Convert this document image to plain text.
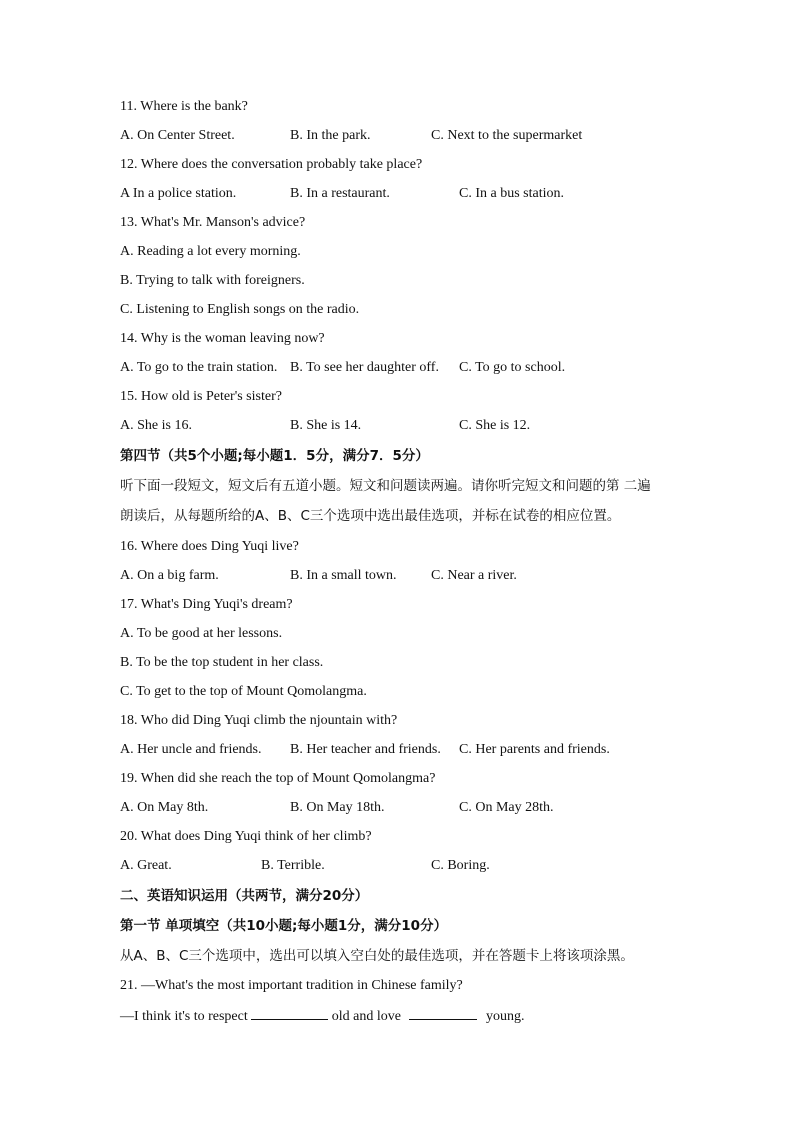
11. Where is the bank?
A. On Center Street.	B. In the park.	C. Next to the supermarket
12. Where does the conversation probably take place?
A In a police station.	B. In a restaurant.	C. In a bus station.
13. What's Mr. Manson's advice?
A. Reading a lot every morning.
B. Trying to talk with foreigners.
C. Listening to English songs on the radio.
14. Why is the woman leaving now?
A. To go to the train station. B. To see her daughter off. C. To go to school.
15. How old is Peter's sister?
A. She is 16.	B. She is 14.	C. She is 12.
第四节（共5个小题;每小题1．5分，满分7．5分）
听下面一段短文，短文后有五道小题。短文和问题读两遍。请你听完短文和问题的第 二遍
朗读后，从每题所给的A、B、C三个选项中选出最佳选项，并标在试卷的相应位置。
16. Where does Ding Yuqi live?
A. On a big farm.	B. In a small town. C. Near a river.
17. What's Ding Yuqi's dream?
A. To be good at her lessons.
B. To be the top student in her class.
C. To get to the top of Mount Qomolangma.
18. Who did Ding Yuqi climb the njountain with?
A. Her uncle and friends. B. Her teacher and friends. C. Her parents and friends.
19. When did she reach the top of Mount Qomolangma?
A. On May 8th.	B. On May 18th.	C. On May 28th.
20. What does Ding Yuqi think of her climb?
A. Great.	B. Terrible.	C. Boring.
二、英语知识运用（共两节，满分20分）
第一节 单项填空（共10小题;每小题1分，满分10分）
从A、B、C三个选项中，选出可以填入空白处的最佳选项，并在答题卡上将该项涂黑。
21. —What's the most important tradition in Chinese family?
—I think it's to respect	old and love	young.
